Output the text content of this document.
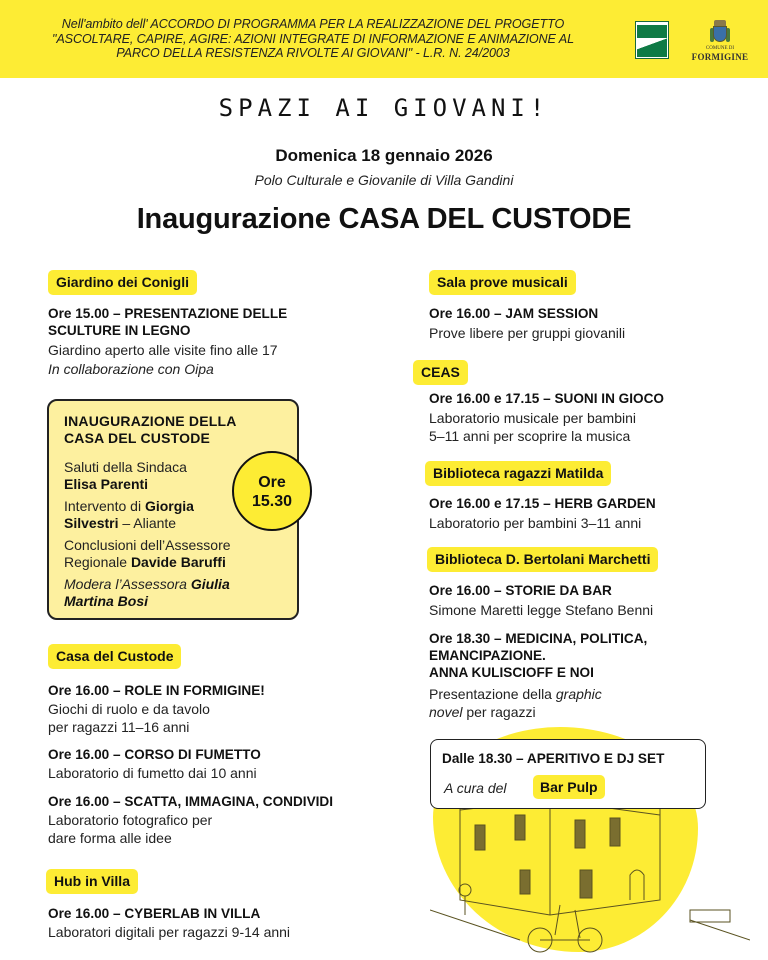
Nell'ambito dell' ACCORDO DI PROGRAMMA PER LA REALIZZAZIONE DEL PROGETTO
"ASCOLTARE, CAPIRE, AGIRE: AZIONI INTEGRATE DI INFORMAZIONE E ANIMAZIONE AL
PARCO DELLA RESISTENZA RIVOLTE AI GIOVANI" - L.R. N. 24/2003	COMUNE DI
FORMIGINE
SPAZI AI GIOVANI!
Domenica 18 gennaio 2026
Polo Culturale e Giovanile di Villa Gandini
Inaugurazione CASA DEL CUSTODE
Giardino dei Conigli
Ore 15.00 – PRESENTAZIONE DELLE
SCULTURE IN LEGNO
Giardino aperto alle visite fino alle 17
In collaborazione con Oipa
INAUGURAZIONE DELLA
CASA DEL CUSTODE
Saluti della Sindaca
Elisa Parenti
Intervento di Giorgia
Silvestri – Aliante
Conclusioni dell’Assessore
Regionale Davide Baruffi
Modera l’Assessora Giulia
Martina Bosi
Ore
15.30
Casa del Custode
Ore 16.00 – ROLE IN FORMIGINE!
Giochi di ruolo e da tavolo
per ragazzi 11–16 anni
Ore 16.00 – CORSO DI FUMETTO
Laboratorio di fumetto dai 10 anni
Ore 16.00 – SCATTA, IMMAGINA, CONDIVIDI
Laboratorio fotografico per
dare forma alle idee
Hub in Villa
Ore 16.00 – CYBERLAB IN VILLA
Laboratori digitali per ragazzi 9-14 anni
Sala prove musicali
Ore 16.00 – JAM SESSION
Prove libere per gruppi giovanili
CEAS
Ore 16.00 e 17.15 – SUONI IN GIOCO
Laboratorio musicale per bambini
5–11 anni per scoprire la musica
Biblioteca ragazzi Matilda
Ore 16.00 e 17.15 – HERB GARDEN
Laboratorio per bambini 3–11 anni
Biblioteca D. Bertolani Marchetti
Ore 16.00 – STORIE DA BAR
Simone Maretti legge Stefano Benni
Ore 18.30 – MEDICINA, POLITICA,
EMANCIPAZIONE.
ANNA KULISCIOFF E NOI
Presentazione della graphic
novel per ragazzi
Dalle 18.30 – APERITIVO E DJ SET
A cura del	Bar Pulp
